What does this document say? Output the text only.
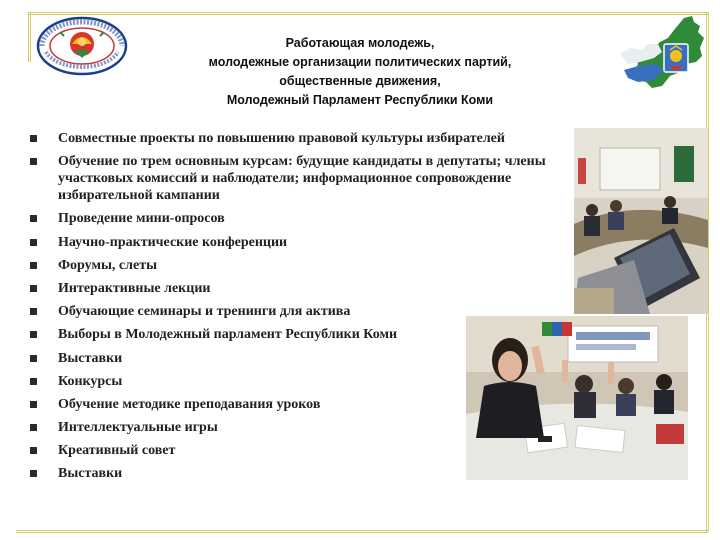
Работающая молодежь,
молодежные организации политических партий,
общественные движения,
Молодежный Парламент Республики Коми
Совместные проекты по повышению правовой культуры избирателей
Обучение по трем основным курсам: будущие кандидаты в депутаты; члены участковых комиссий и наблюдатели; информационное сопровождение избирательной кампании
Проведение мини-опросов
Научно-практические конференции
Форумы, слеты
Интерактивные лекции
Обучающие семинары и тренинги для актива
Выборы в Молодежный парламент Республики Коми
Выставки
Конкурсы
Обучение методике преподавания уроков
Интеллектуальные игры
Креативный совет
Выставки
